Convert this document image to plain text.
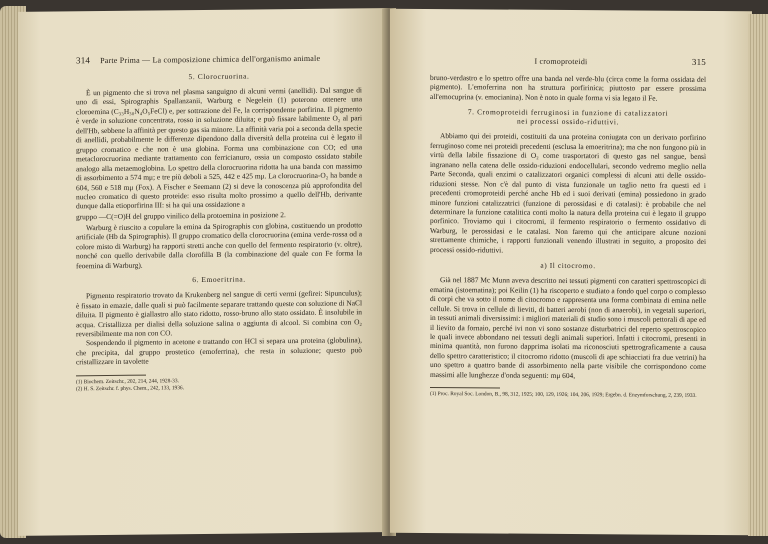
314	Parte Prima — La composizione chimica dell'organismo animale
5. Clorocruorina.

È un pigmento che si trova nel plasma sanguigno di alcuni vermi (anellidi). Dal sangue di uno di essi, Spirographis Spallanzanii, Warburg e Negelein (1) poterono ottenere una cloroemina (C₃₃H₃₀N₄O₅FeCl) e, per sottrazione del Fe, la corrispondente porfirina. Il pigmento è verde in soluzione concentrata, rosso in soluzione diluita; e può fissare labilmente O₂ al pari dell'Hb, sebbene la affinità per questo gas sia minore. La affinità varia poi a seconda della specie di anellidi, probabilmente le differenze dipendono dalla diversità della proteina cui è legato il gruppo cromatico e che non è una globina. Forma una combinazione con CO; ed una metaclorocruorina mediante trattamento con ferricianuro, ossia un composto ossidato stabile analogo alla metaemoglobina. Lo spettro della clorocruorina ridotta ha una banda con massimo di assorbimento a 574 mμ; e tre più deboli a 525, 442 e 425 mμ. La clorocruorina-O₂ ha bande a 604, 560 e 518 mμ (Fox). A Fischer e Seemann (2) si deve la conoscenza più approfondita del nucleo cromatico di questo proteide: esso risulta molto prossimo a quello dell'Hb, derivante dunque dalla etioporfirina III: si ha qui una ossidazione a

gruppo —C(=O)H del gruppo vinilico della protoemina in posizione 2.

Warburg è riuscito a copulare la emina da Spirographis con globina, costituendo un prodotto artificiale (Hb da Spirographis). Il gruppo cromatico della clorocruorina (emina verde-rossa od a colore misto di Warburg) ha rapporti stretti anche con quello del fermento respiratorio (v. oltre), nonché con quello derivabile dalla clorofilla B (la combinazione del quale con Fe forma la feoemina di Warburg).

6. Emoeritrina.

Pigmento respiratorio trovato da Krukenberg nel sangue di certi vermi (gefirei: Sipunculus); è fissato in emazie, dalle quali si può facilmente separare trattando queste con soluzione di NaCl diluita. Il pigmento è giallastro allo stato ridotto, rosso-bruno allo stato ossidato. È insolubile in acqua. Cristallizza per dialisi della soluzione salina o aggiunta di alcool. Si combina con O₂ reversibilmente ma non con CO.

Sospendendo il pigmento in acetone e trattando con HCl si separa una proteina (globulina), che precipita, dal gruppo prostetico (emoferrina), che resta in soluzione; questo può cristallizzare in tavolette

(1) Biochem. Zeitschr., 202, 214, 244, 1928-33.

(2) H. S. Zeitschr. f. phys. Chem., 242, 133, 1936.

I cromoproteidi	315

bruno-verdastro e lo spettro offre una banda nel verde-blu (circa come la forma ossidata del pigmento). L'emoferrina non ha struttura porfirinica; piuttosto par essere prossima all'emocuprina (v. emocianina). Non è noto in quale forma vi sia legato il Fe.

7. Cromoproteidi ferruginosi in funzione di catalizzatori
nei processi ossido-riduttivi.

Abbiamo qui dei proteidi, costituiti da una proteina coniugata con un derivato porfirino ferruginoso come nei proteidi precedenti (esclusa la emoeritrina); ma che non fungono più in virtù della labile fissazione di O₂ come trasportatori di questo gas nel sangue, bensì ingranano nella catena delle ossido-riduzioni endocellulari, secondo vedremo meglio nella Parte Seconda, quali enzimi o catalizzatori organici complessi di alcuni atti delle ossido-riduzioni stesse. Non c'è dal punto di vista funzionale un taglio netto fra questi ed i precedenti cromoproteidi perché anche Hb ed i suoi derivati (emina) possiedono in grado minore funzioni catalizzatrici (funzione di perossidasi e di catalasi): è probabile che nel determinare la funzione catalitica conti molto la natura della proteina cui è legato il gruppo porfinico. Troviamo qui i citocromi, il fermento respiratorio o fermento ossidativo di Warburg, le perossidasi e le catalasi. Non faremo qui che anticipare alcune nozioni strettamente chimiche, i rapporti funzionali venendo illustrati in seguito, a proposito dei processi ossido-riduttivi.

a) Il citocromo.

Già nel 1887 Mc Munn aveva descritto nei tessuti pigmenti con caratteri spettroscopici di ematina (istoematina); poi Keilin (1) ha riscoperto e studiato a fondo quel corpo o complesso di corpi che va sotto il nome di citocromo e rappresenta una forma combinata di emina nelle cellule. Si trova in cellule di lieviti, di batteri aerobi (non di anaerobi), in vegetali superiori, in tessuti animali diversissimi: i migliori materiali di studio sono i muscoli pettorali di ape ed il lievito da fornaio, perché ivi non vi sono sostanze disturbatrici del reperto spettroscopico le quali invece abbondano nei tessuti degli animali superiori. Infatti i citocromi, presenti in minima quantità, non furono dapprima isolati ma riconosciuti spettrograficamente a causa dello spettro caratteristico; il citocromo ridotto (muscoli di ape schiacciati fra due vetrini) ha uno spettro a quattro bande di assorbimento nella parte visibile che corrispondono come massimi alle lunghezze d'onda seguenti: mμ 604,

(1) Proc. Royal Soc. London, B., 98, 312, 1925; 100, 129, 1926; 104, 206, 1929; Ergebn. d. Enzymforschung, 2, 239, 1933.
